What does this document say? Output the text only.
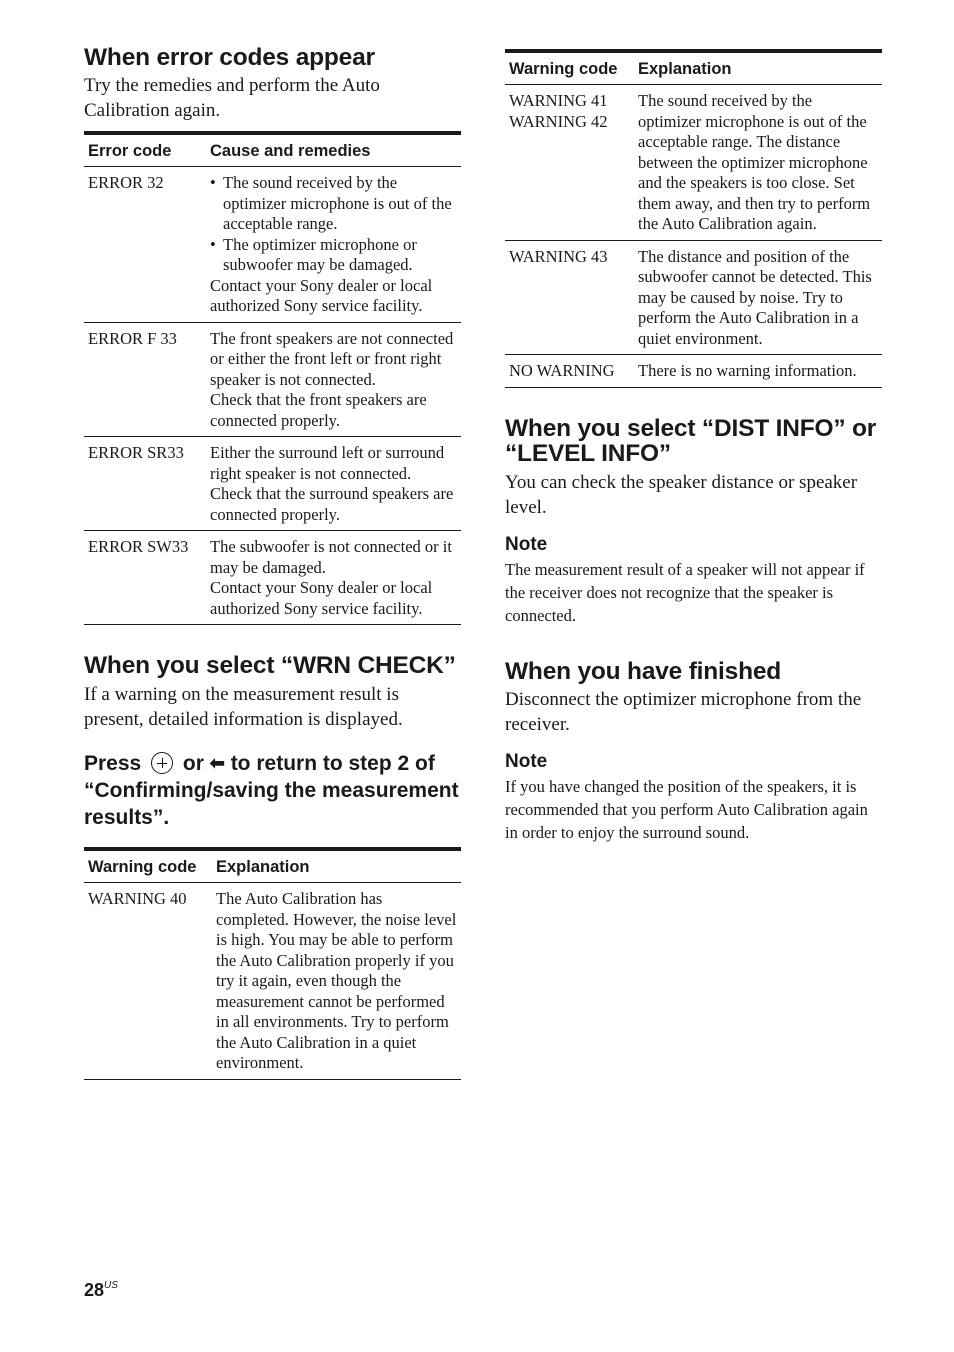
When error codes appear

Try the remedies and perform the Auto Calibration again.

Error code	Cause and remedies
ERROR 32	• The sound received by the optimizer microphone is out of the acceptable range.
• The optimizer microphone or subwoofer may be damaged.
Contact your Sony dealer or local authorized Sony service facility.

ERROR F 33	The front speakers are not connected or either the front left or front right speaker is not connected.
Check that the front speakers are connected properly.

ERROR SR33	Either the surround left or surround right speaker is not connected.
Check that the surround speakers are connected properly.

ERROR SW33	The subwoofer is not connected or it may be damaged.
Contact your Sony dealer or local authorized Sony service facility.
When you select “WRN CHECK”

If a warning on the measurement result is present, detailed information is displayed.

Press or ⬅ to return to step 2 of “Confirming/saving the measurement results”.
Warning code	Explanation
WARNING 40	The Auto Calibration has completed. However, the noise level is high. You may be able to perform the Auto Calibration properly if you try it again, even though the measurement cannot be performed in all environments. Try to perform the Auto Calibration in a quiet environment.
Warning code	Explanation

WARNING 41
WARNING 42	The sound received by the optimizer microphone is out of the acceptable range. The distance between the optimizer microphone and the speakers is too close. Set them away, and then try to perform the Auto Calibration again.
WARNING 43	The distance and position of the subwoofer cannot be detected. This may be caused by noise. Try to perform the Auto Calibration in a quiet environment.
NO WARNING	There is no warning information.
When you select “DIST INFO” or “LEVEL INFO”

You can check the speaker distance or speaker level.

Note

The measurement result of a speaker will not appear if the receiver does not recognize that the speaker is connected.

When you have finished

Disconnect the optimizer microphone from the receiver.

Note

If you have changed the position of the speakers, it is recommended that you perform Auto Calibration again in order to enjoy the surround sound.

$28^{US}$
